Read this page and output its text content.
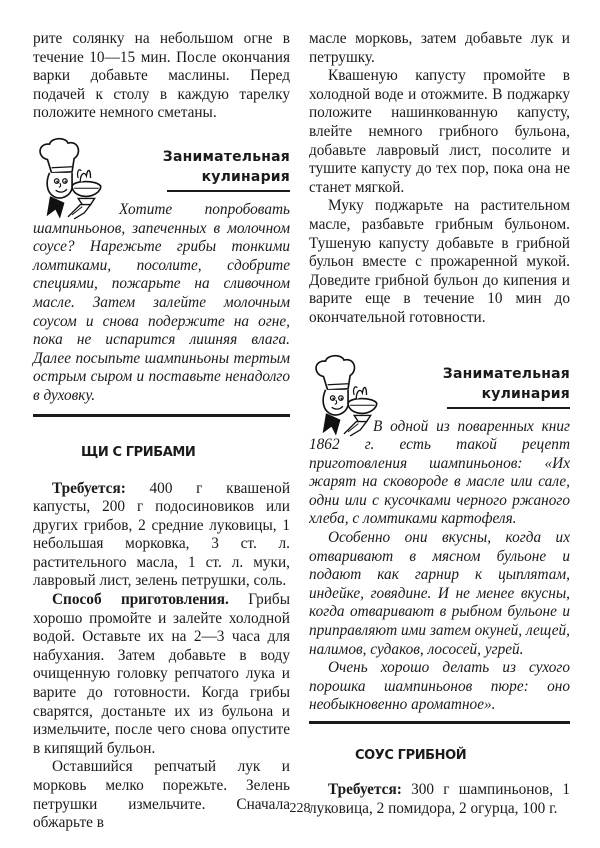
рите солянку на небольшом огне в течение 10—15 мин. После окончания варки добавьте маслины. Перед подачей к столу в каждую тарелку положите немного сметаны.

Занимательная
кулинария

Хотите попробовать шампиньонов, запеченных в молочном соусе? Нарежьте грибы тонкими ломтиками, посолите, сдобрите специями, пожарьте на сливочном масле. Затем залейте молочным соусом и снова подержите на огне, пока не испарится лишняя влага. Далее посыпьте шампиньоны тертым острым сыром и поставьте ненадолго в духовку.

ЩИ С ГРИБАМИ

Требуется: 400 г квашеной капусты, 200 г подосиновиков или других грибов, 2 средние луковицы, 1 небольшая морковка, 3 ст. л. растительного масла, 1 ст. л. муки, лавровый лист, зелень петрушки, соль.

Способ приготовления. Грибы хорошо промойте и залейте холодной водой. Оставьте их на 2—3 часа для набухания. Затем добавьте в воду очищенную головку репчатого лука и варите до готовности. Когда грибы сварятся, достаньте их из бульона и измельчите, после чего снова опустите в кипящий бульон.

Оставшийся репчатый лук и морковь мелко порежьте. Зелень петрушки измельчите. Сначала обжарьте в

масле морковь, затем добавьте лук и петрушку.

Квашеную капусту промойте в холодной воде и отожмите. В поджарку положите нашинкованную капусту, влейте немного грибного бульона, добавьте лавровый лист, посолите и тушите капусту до тех пор, пока она не станет мягкой.

Муку поджарьте на растительном масле, разбавьте грибным бульоном. Тушеную капусту добавьте в грибной бульон вместе с прожаренной мукой. Доведите грибной бульон до кипения и варите еще в течение 10 мин до окончательной готовности.

Занимательная
кулинария

В одной из поваренных книг 1862 г. есть такой рецепт приготовления шампиньонов: «Их жарят на сковороде в масле или сале, одни или с кусочками черного ржаного хлеба, с ломтиками картофеля.

Особенно они вкусны, когда их отваривают в мясном бульоне и подают как гарнир к цыплятам, индейке, говядине. И не менее вкусны, когда отваривают в рыбном бульоне и приправляют ими затем окуней, лещей, налимов, судаков, лососей, угрей.

Очень хорошо делать из сухого порошка шампиньонов пюре: оно необыкновенно ароматное».

СОУС ГРИБНОЙ

Требуется: 300 г шампиньонов, 1 луковица, 2 помидора, 2 огурца, 100 г.

228
